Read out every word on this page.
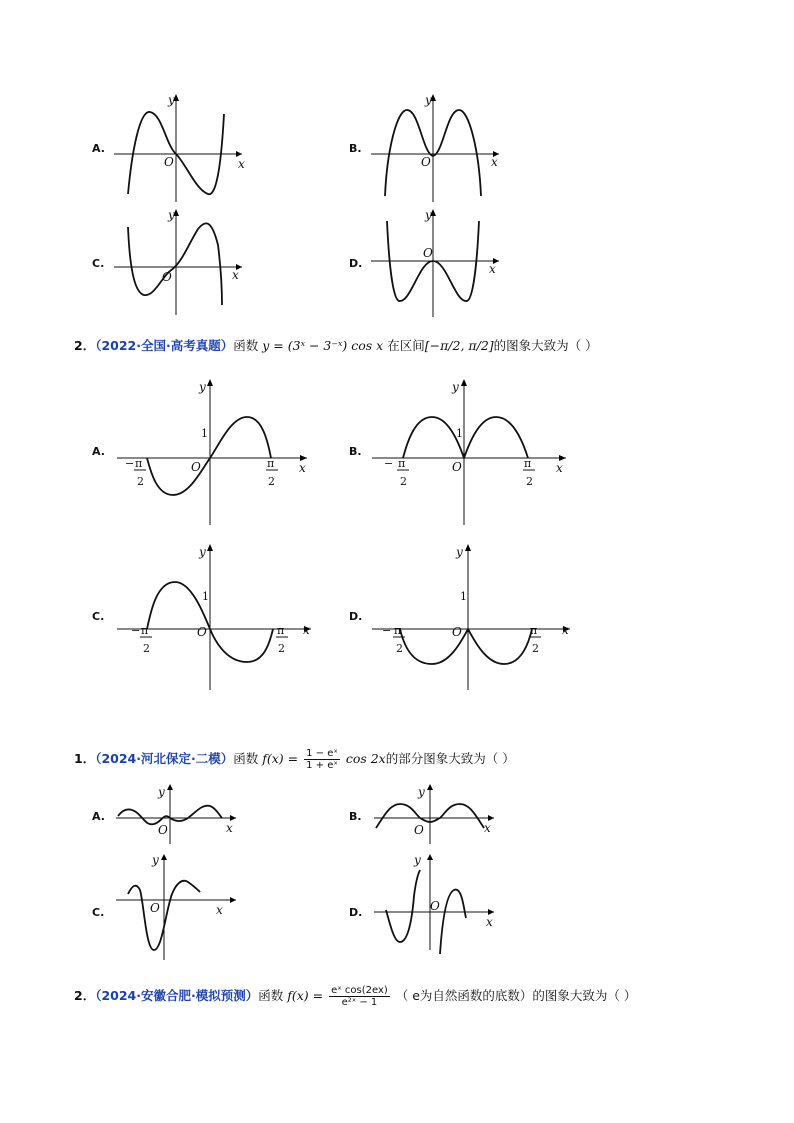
A.
x
y
O
B.
x
y
O
C.
x
y
O
D.	x
y
O
2．（2022·全国·高考真题）函数 y = (3ˣ − 3⁻ˣ) cos x 在区间[−π/2, π/2]的图象大致为（ ）
A.
x
y
O
1
− π
2
π
2
B.
x
y
O
1
− π
2
π
2
C.
x
y
O
1
− π
2
π
2
D.
x
y
O
1
− π
2
π
2
1．（2024·河北保定·二模）函数 $f(x) = \frac{\text{1 − eˣ}}{\text{1 + eˣ}}$ cos 2x的部分图象大致为（ ）
A.
x
y
O
B.
x
y
O
C.	x
y
O	D.
x
y
O
2．（2024·安徽合肥·模拟预测）函数 $f(x) = \frac{\text{eˣ cos(2ex)}}{\text{e²ˣ − 1}}$ （ e为自然函数的底数）的图象大致为（ ）
